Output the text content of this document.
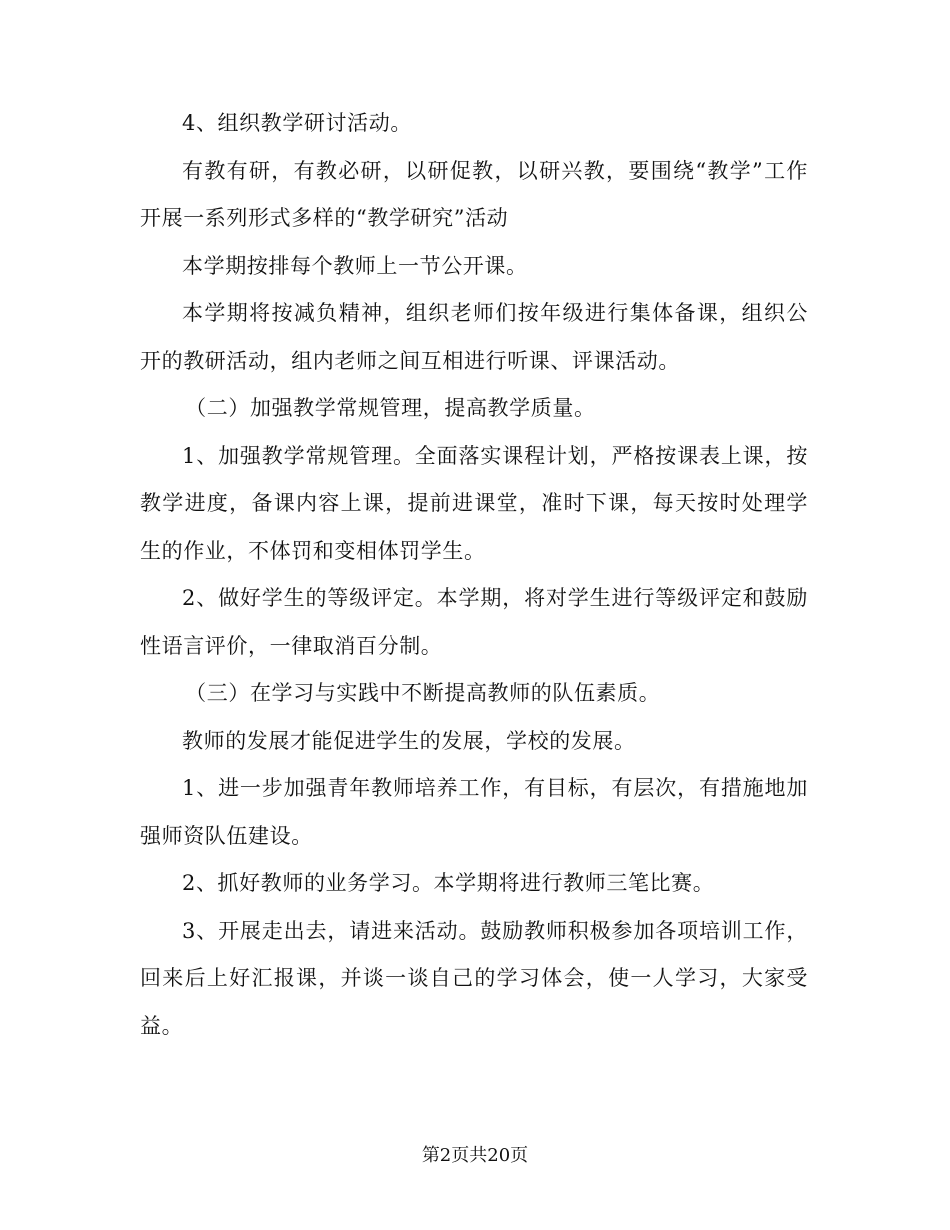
4、组织教学研讨活动。

有教有研，有教必研，以研促教，以研兴教，要围绕“教学”工作开展一系列形式多样的“教学研究”活动

本学期按排每个教师上一节公开课。

本学期将按减负精神，组织老师们按年级进行集体备课，组织公开的教研活动，组内老师之间互相进行听课、评课活动。

（二）加强教学常规管理，提高教学质量。

1、加强教学常规管理。全面落实课程计划，严格按课表上课，按教学进度，备课内容上课，提前进课堂，准时下课，每天按时处理学生的作业，不体罚和变相体罚学生。

2、做好学生的等级评定。本学期，将对学生进行等级评定和鼓励性语言评价，一律取消百分制。

（三）在学习与实践中不断提高教师的队伍素质。

教师的发展才能促进学生的发展，学校的发展。

1、进一步加强青年教师培养工作，有目标，有层次，有措施地加强师资队伍建设。

2、抓好教师的业务学习。本学期将进行教师三笔比赛。

3、开展走出去，请进来活动。鼓励教师积极参加各项培训工作，回来后上好汇报课，并谈一谈自己的学习体会，使一人学习，大家受益。

第2页共20页
